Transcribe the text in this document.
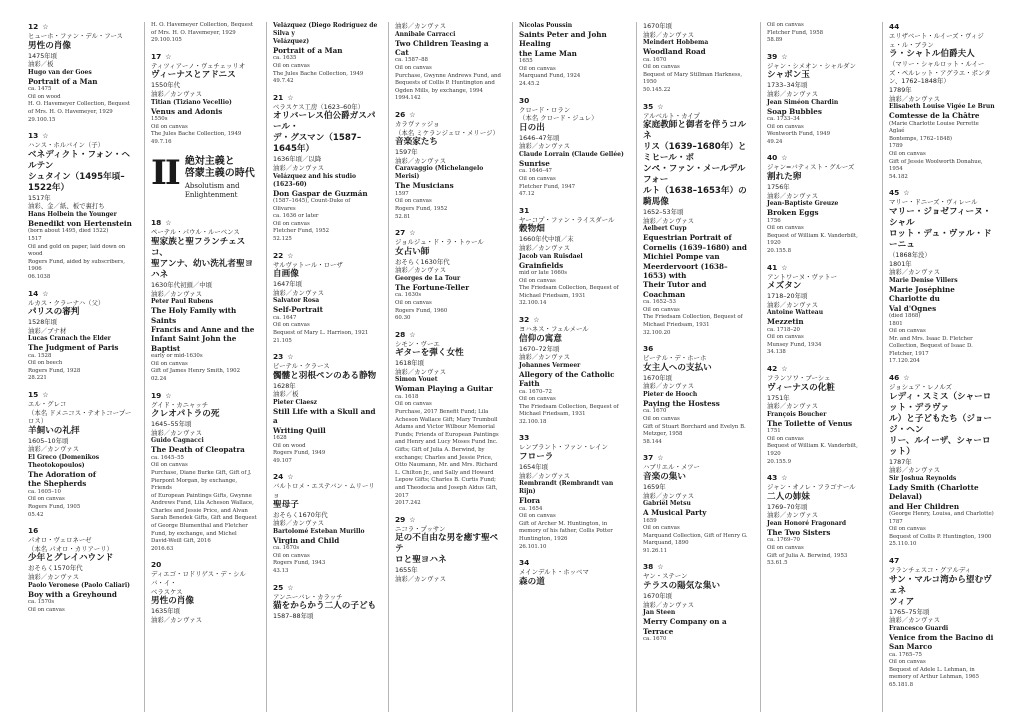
12 ☆
ヒューホ・ファン・デル・フース
男性の肖像
1475年頃
油彩／板
Hugo van der Goes
Portrait of a Man
ca. 1475
Oil on wood
H. O. Havemeyer Collection, Bequest
of Mrs. H. O. Havemeyer, 1929
29.100.15
13 ☆
ハンス・ホルバイン（子）
ベネディクト・フォン・ヘルテン
シュタイン（1495年頃–1522年）
1517年
油彩、金／紙、板で裏打ち
Hans Holbein the Younger
Benedikt von Hertenstein
(born about 1495, died 1522)
1517
Oil and gold on paper, laid down on
wood
Rogers Fund, aided by subscribers, 1906
06.1038
14 ☆
ルカス・クラーナハ（父）
パリスの審判
1528年頃
油彩／ブナ材
Lucas Cranach the Elder
The Judgment of Paris
ca. 1528
Oil on beech
Rogers Fund, 1928
28.221
15 ☆
エル・グレコ
（本名 ドメニコス・テオトコープーロス）
羊飼いの礼拝
1605–10年頃
油彩／カンヴァス
El Greco (Domenikos Theotokopoulos)
The Adoration of
the Shepherds
ca. 1605–10
Oil on canvas
Rogers Fund, 1905
05.42
16
パオロ・ヴェロネーゼ
（本名 パオロ・カリアーリ）
少年とグレイハウンド
おそらく1570年代
油彩／カンヴァス
Paolo Veronese (Paolo Caliari)
Boy with a Greyhound
ca. 1570s
Oil on canvas
H. O. Havemeyer Collection, Bequest
of Mrs. H. O. Havemeyer, 1929
29.100.105
17 ☆
ティツィアーノ・ヴェチェッリオ
ヴィーナスとアドニス
1550年代
油彩／カンヴァス
Titian (Tiziano Vecellio)
Venus and Adonis
1550s
Oil on canvas
The Jules Bache Collection, 1949
49.7.16
II 絶対主義と
啓蒙主義の時代
Absolutism and
Enlightenment
18 ☆
ペーテル・パウル・ルーベンス
聖家族と聖フランチェスコ、
聖アンナ、幼い洗礼者聖ヨハネ
1630年代初頭／中頃
油彩／カンヴァス
Peter Paul Rubens
The Holy Family with Saints
Francis and Anne and the
Infant Saint John the Baptist
early or mid-1630s
Oil on canvas
Gift of James Henry Smith, 1902
02.24
19 ☆
グイド・カニャッチ
クレオパトラの死
1645–55年頃
油彩／カンヴァス
Guido Cagnacci
The Death of Cleopatra
ca. 1645–55
Oil on canvas
Purchase, Diane Burke Gift, Gift of J.
Pierpont Morgan, by exchange, Friends
of European Paintings Gifts, Gwynne
Andrews Fund, Lila Acheson Wallace,
Charles and Jessie Price, and Alvan
Sarah Benedek Gifts, Gift and Bequest
of George Blumenthal and Fletcher
Fund, by exchange, and Michel
David-Weill Gift, 2016
2016.63
20
ディエゴ・ロドリゲス・デ・シルバ・イ・
ベラスケス
男性の肖像
1635年頃
油彩／カンヴァス
Velázquez (Diego Rodríguez de Silva y
Velázquez)
Portrait of a Man
ca. 1635
Oil on canvas
The Jules Bache Collection, 1949
49.7.42
21 ☆
ベラスケス工房（1623–60年）
オリバーレス伯公爵ガスパール・
デ・グスマン（1587–1645年）
1636年頃／以降
油彩／カンヴァス
Velázquez and his studio (1623–60)
Don Gaspar de Guzmán
(1587–1645), Count-Duke of
Olivares
ca. 1636 or later
Oil on canvas
Fletcher Fund, 1952
52.125
22 ☆
サルヴァトール・ローザ
自画像
1647年頃
油彩／カンヴァス
Salvator Rosa
Self-Portrait
ca. 1647
Oil on canvas
Bequest of Mary L. Harrison, 1921
21.105
23 ☆
ピーテル・クラース
髑髏と羽根ペンのある静物
1628年
油彩／板
Pieter Claesz
Still Life with a Skull and a
Writing Quill
1628
Oil on wood
Rogers Fund, 1949
49.107
24 ☆
バルトロメ・エステバン・ムリーリョ
聖母子
おそらく1670年代
油彩／カンヴァス
Bartolomé Esteban Murillo
Virgin and Child
ca. 1670s
Oil on canvas
Rogers Fund, 1943
43.13
25 ☆
アンニーバレ・カラッチ
猫をからかう二人の子ども
1587–88年頃
油彩／カンヴァス
Annibale Carracci
Two Children Teasing a Cat
ca. 1587–88
Oil on canvas
Purchase, Gwynne Andrews Fund, and
Bequests of Collis P. Huntington and
Ogden Mills, by exchange, 1994
1994.142
26 ☆
カラヴァッジョ
（本名 ミケランジェロ・メリージ）
音楽家たち
1597年
油彩／カンヴァス
Caravaggio (Michelangelo Merisi)
The Musicians
1597
Oil on canvas
Rogers Fund, 1952
52.81
27 ☆
ジョルジュ・ド・ラ・トゥール
女占い師
おそらく1630年代
油彩／カンヴァス
Georges de La Tour
The Fortune-Teller
ca. 1630s
Oil on canvas
Rogers Fund, 1960
60.30
28 ☆
シモン・ヴーエ
ギターを弾く女性
1618年頃
油彩／カンヴァス
Simon Vouet
Woman Playing a Guitar
ca. 1618
Oil on canvas
Purchase, 2017 Benefit Fund; Lila
Acheson Wallace Gift; Mary Trumbull
Adams and Victor Wilbour Memorial
Funds; Friends of European Paintings
and Henry and Lucy Moses Fund Inc.
Gifts; Gift of Julia A. Berwind, by
exchange; Charles and Jessie Price,
Otto Naumann, Mr. and Mrs. Richard
L. Chilton Jr., and Sally and Howard
Lepow Gifts; Charles B. Curtis Fund;
and Theodocia and Joseph Aldus Gift,
2017
2017.242
29 ☆
ニコラ・プッサン
足の不自由な男を癒す聖ペテ
ロと聖ヨハネ
1655年
油彩／カンヴァス
Nicolas Poussin
Saints Peter and John Healing
the Lame Man
1655
Oil on canvas
Marquand Fund, 1924
24.45.2
30
クロード・ロラン
（本名 クロード・ジュレ）
日の出
1646–47年頃
油彩／カンヴァス
Claude Lorrain (Claude Gellée)
Sunrise
ca. 1646–47
Oil on canvas
Fletcher Fund, 1947
47.12
31
ヤーコプ・ファン・ライスダール
穀物畑
1660年代中頃／末
油彩／カンヴァス
Jacob van Ruisdael
Grainfields
mid or late 1660s
Oil on canvas
The Friedsam Collection, Bequest of
Michael Friedsam, 1931
32.100.14
32 ☆
ヨハネス・フェルメール
信仰の寓意
1670–72年頃
油彩／カンヴァス
Johannes Vermeer
Allegory of the Catholic Faith
ca. 1670–72
Oil on canvas
The Friedsam Collection, Bequest of
Michael Friedsam, 1931
32.100.18
33
レンブラント・ファン・レイン
フローラ
1654年頃
油彩／カンヴァス
Rembrandt (Rembrandt van Rijn)
Flora
ca. 1654
Oil on canvas
Gift of Archer M. Huntington, in
memory of his father, Collis Potter
Huntington, 1926
26.101.10
34
メインデルト・ホッベマ
森の道
1670年頃
油彩／カンヴァス
Meindert Hobbema
Woodland Road
ca. 1670
Oil on canvas
Bequest of Mary Stillman Harkness,
1950
50.145.22
35 ☆
アルベルト・カイプ
家庭教師と御者を伴うコルネ
リス（1639–1680年）とミヒール・ポ
ンペ・ファン・メールデルフォー
ルト（1638–1653年）の騎馬像
1652–53年頃
油彩／カンヴァス
Aelbert Cuyp
Equestrian Portrait of
Cornelis (1639–1680) and
Michiel Pompe van
Meerdervoort (1638–1653) with
Their Tutor and Coachman
ca. 1652–53
Oil on canvas
The Friedsam Collection, Bequest of
Michael Friedsam, 1931
32.100.20
36
ピーテル・デ・ホーホ
女主人への支払い
1670年頃
油彩／カンヴァス
Pieter de Hooch
Paying the Hostess
ca. 1670
Oil on canvas
Gift of Stuart Borchard and Evelyn B.
Metzger, 1958
58.144
37 ☆
ハブリエル・メツー
音楽の集い
1659年
油彩／カンヴァス
Gabriël Metsu
A Musical Party
1659
Oil on canvas
Marquand Collection, Gift of Henry G.
Marquand, 1890
91.26.11
38 ☆
ヤン・ステーン
テラスの陽気な集い
1670年頃
油彩／カンヴァス
Jan Steen
Merry Company on a Terrace
ca. 1670
Oil on canvas
Fletcher Fund, 1958
58.89
39 ☆
ジャン・シメオン・シャルダン
シャボン玉
1733–34年頃
油彩／カンヴァス
Jean Siméon Chardin
Soap Bubbles
ca. 1733–34
Oil on canvas
Wentworth Fund, 1949
49.24
40 ☆
ジャン=バティスト・グルーズ
割れた卵
1756年
油彩／カンヴァス
Jean-Baptiste Greuze
Broken Eggs
1756
Oil on canvas
Bequest of William K. Vanderbilt, 1920
20.155.8
41 ☆
アントワーヌ・ヴァトー
メズタン
1718–20年頃
油彩／カンヴァス
Antoine Watteau
Mezzetin
ca. 1718–20
Oil on canvas
Munsey Fund, 1934
34.138
42 ☆
フランソワ・ブーシェ
ヴィーナスの化粧
1751年
油彩／カンヴァス
François Boucher
The Toilette of Venus
1751
Oil on canvas
Bequest of William K. Vanderbilt, 1920
20.155.9
43 ☆
ジャン・オノレ・フラゴナール
二人の姉妹
1769–70年頃
油彩／カンヴァス
Jean Honoré Fragonard
The Two Sisters
ca. 1769–70
Oil on canvas
Gift of Julia A. Berwind, 1953
53.61.5
44
エリザベート・ルイーズ・ヴィジェ・ル・ブラン
ラ・シャトル伯爵夫人
（マリー・シャルロット・ルイーズ・ペルレット・アグラエ・ボンタン、1762–1848年）
1789年
油彩／カンヴァス
Elisabeth Louise Vigée Le Brun
Comtesse de la Châtre
(Marie Charlotte Louise Perrette Aglaé
Bontemps, 1762–1848)
1789
Oil on canvas
Gift of Jessie Woolworth Donahue,
1954
54.182
45 ☆
マリー・ドニーズ・ヴィレール
マリー・ジョゼフィーヌ・シャル
ロット・デュ・ヴァル・ドーニュ
（1868年没）
1801年
油彩／カンヴァス
Marie Denise Villers
Marie Joséphine Charlotte du
Val d'Ognes
(died 1868)
1801
Oil on canvas
Mr. and Mrs. Isaac D. Fletcher
Collection, Bequest of Isaac D.
Fletcher, 1917
17.120.204
46 ☆
ジョシュア・レノルズ
レディ・スミス（シャーロット・デラヴァ
ル）と子どもたち（ジョージ・ヘン
リー、ルイーザ、シャーロット）
1787年
油彩／カンヴァス
Sir Joshua Reynolds
Lady Smith (Charlotte Delaval)
and Her Children
(George Henry, Louisa, and Charlotte)
1787
Oil on canvas
Bequest of Collis P. Huntington, 1900
25.110.10
47
フランチェスコ・グアルディ
サン・マルコ湾から望むヴェネ
ツィア
1765–75年頃
油彩／カンヴァス
Francesco Guardi
Venice from the Bacino di
San Marco
ca. 1765–75
Oil on canvas
Bequest of Adele L. Lehman, in
memory of Arthur Lehman, 1965
65.181.8
